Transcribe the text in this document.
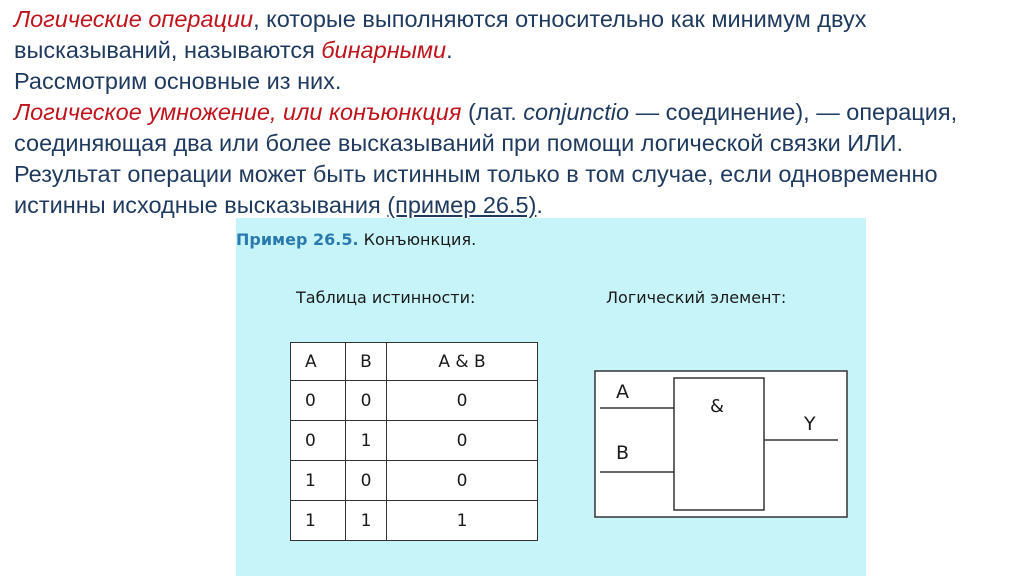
Логические операции, которые выполняются относительно как минимум двух высказываний, называются бинарными.

Рассмотрим основные из них.

Логическое умножение, или конъюнкция (лат. conjunctio — соединение), — операция, соединяющая два или более высказываний при помощи логической связки ИЛИ. Результат операции может быть истинным только в том случае, если одновременно истинны исходные высказывания (пример 26.5).

Пример 26.5. Конъюнкция.
Таблица истинности:	Логический элемент:
A	B	A & B
0	0	0
0	1	0
1	0	0
1	1	1
A
B
&
Y
